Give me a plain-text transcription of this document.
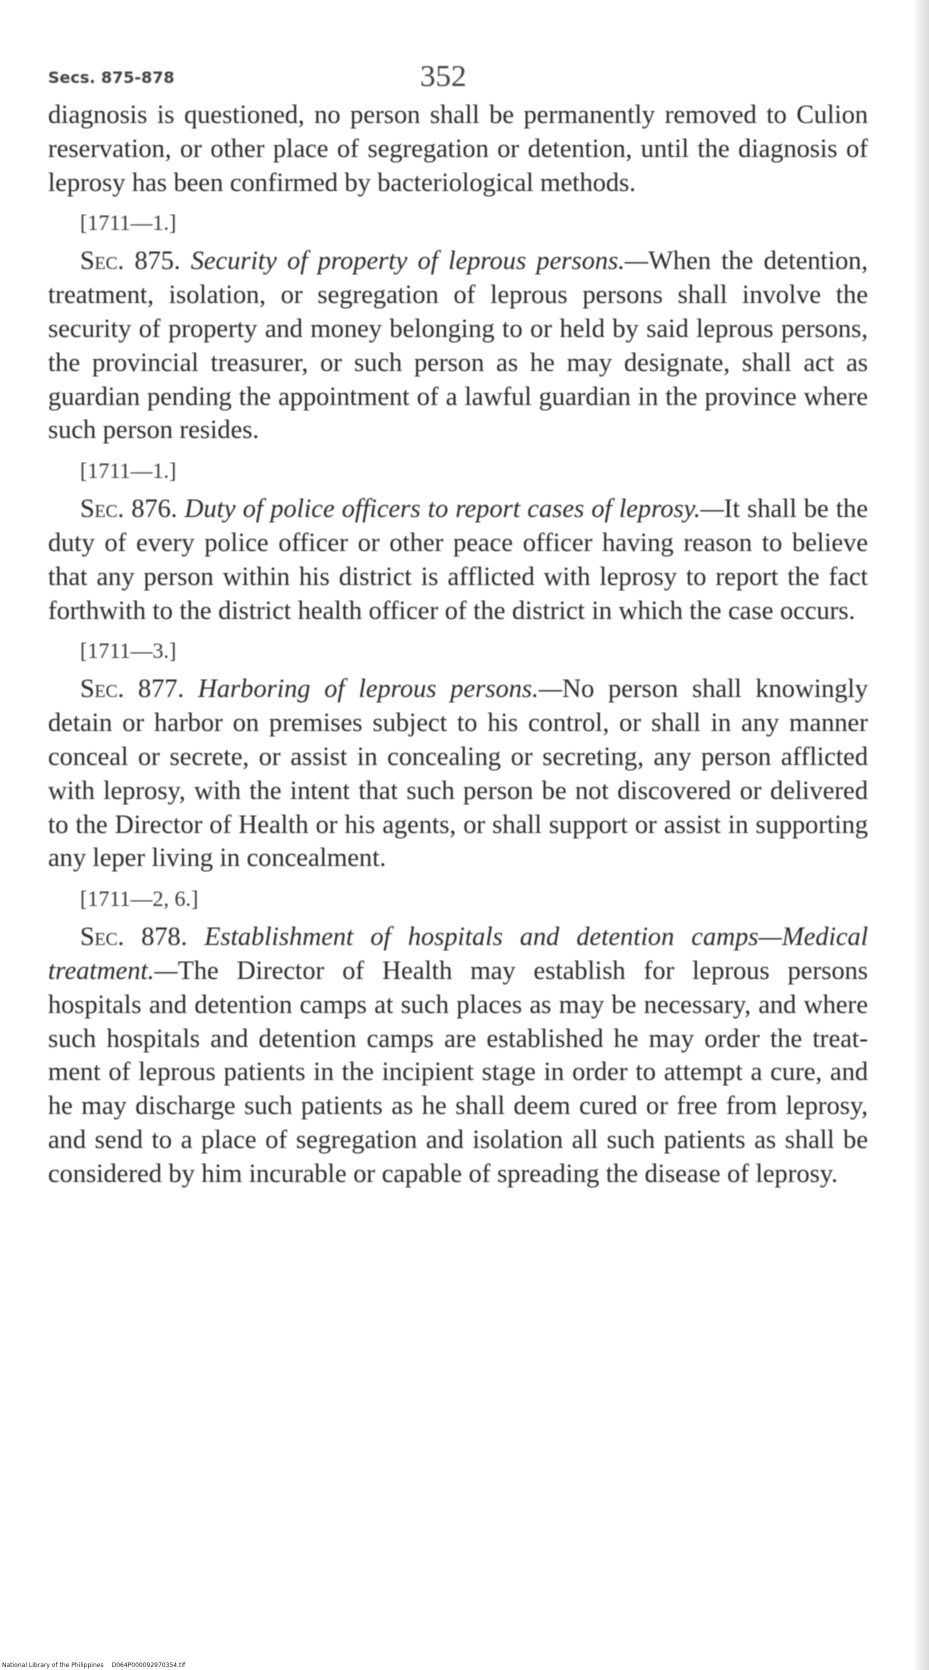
Secs. 875-878	352

diagnosis is questioned, no person shall be permanently removed to Culion reservation, or other place of segregation or detention, until the diagnosis of leprosy has been confirmed by bacteriological methods.

[1711—1.]

Sec. 875. Security of property of leprous persons.—When the detention, treatment, isolation, or segregation of leprous persons shall involve the security of property and money belonging to or held by said leprous persons, the provincial treasurer, or such person as he may designate, shall act as guardian pending the appointment of a lawful guardian in the province where such person resides.

[1711—1.]

Sec. 876. Duty of police officers to report cases of leprosy.—It shall be the duty of every police officer or other peace officer having reason to believe that any person within his district is afflicted with leprosy to report the fact forthwith to the district health officer of the district in which the case occurs.

[1711—3.]

Sec. 877. Harboring of leprous persons.—No person shall knowingly detain or harbor on premises subject to his control, or shall in any manner conceal or secrete, or assist in concealing or secreting, any person afflicted with leprosy, with the intent that such person be not discovered or delivered to the Director of Health or his agents, or shall support or assist in supporting any leper living in concealment.

[1711—2, 6.]

Sec. 878. Establishment of hospitals and detention camps—Medical treatment.—The Director of Health may establish for leprous persons hospitals and detention camps at such places as may be necessary, and where such hospitals and detention camps are established he may order the treatment of leprous patients in the incipient stage in order to attempt a cure, and he may discharge such patients as he shall deem cured or free from leprosy, and send to a place of segregation and isolation all such patients as shall be considered by him incurable or capable of spreading the disease of leprosy.

National Library of the Philippines D064P000092970354.tif
